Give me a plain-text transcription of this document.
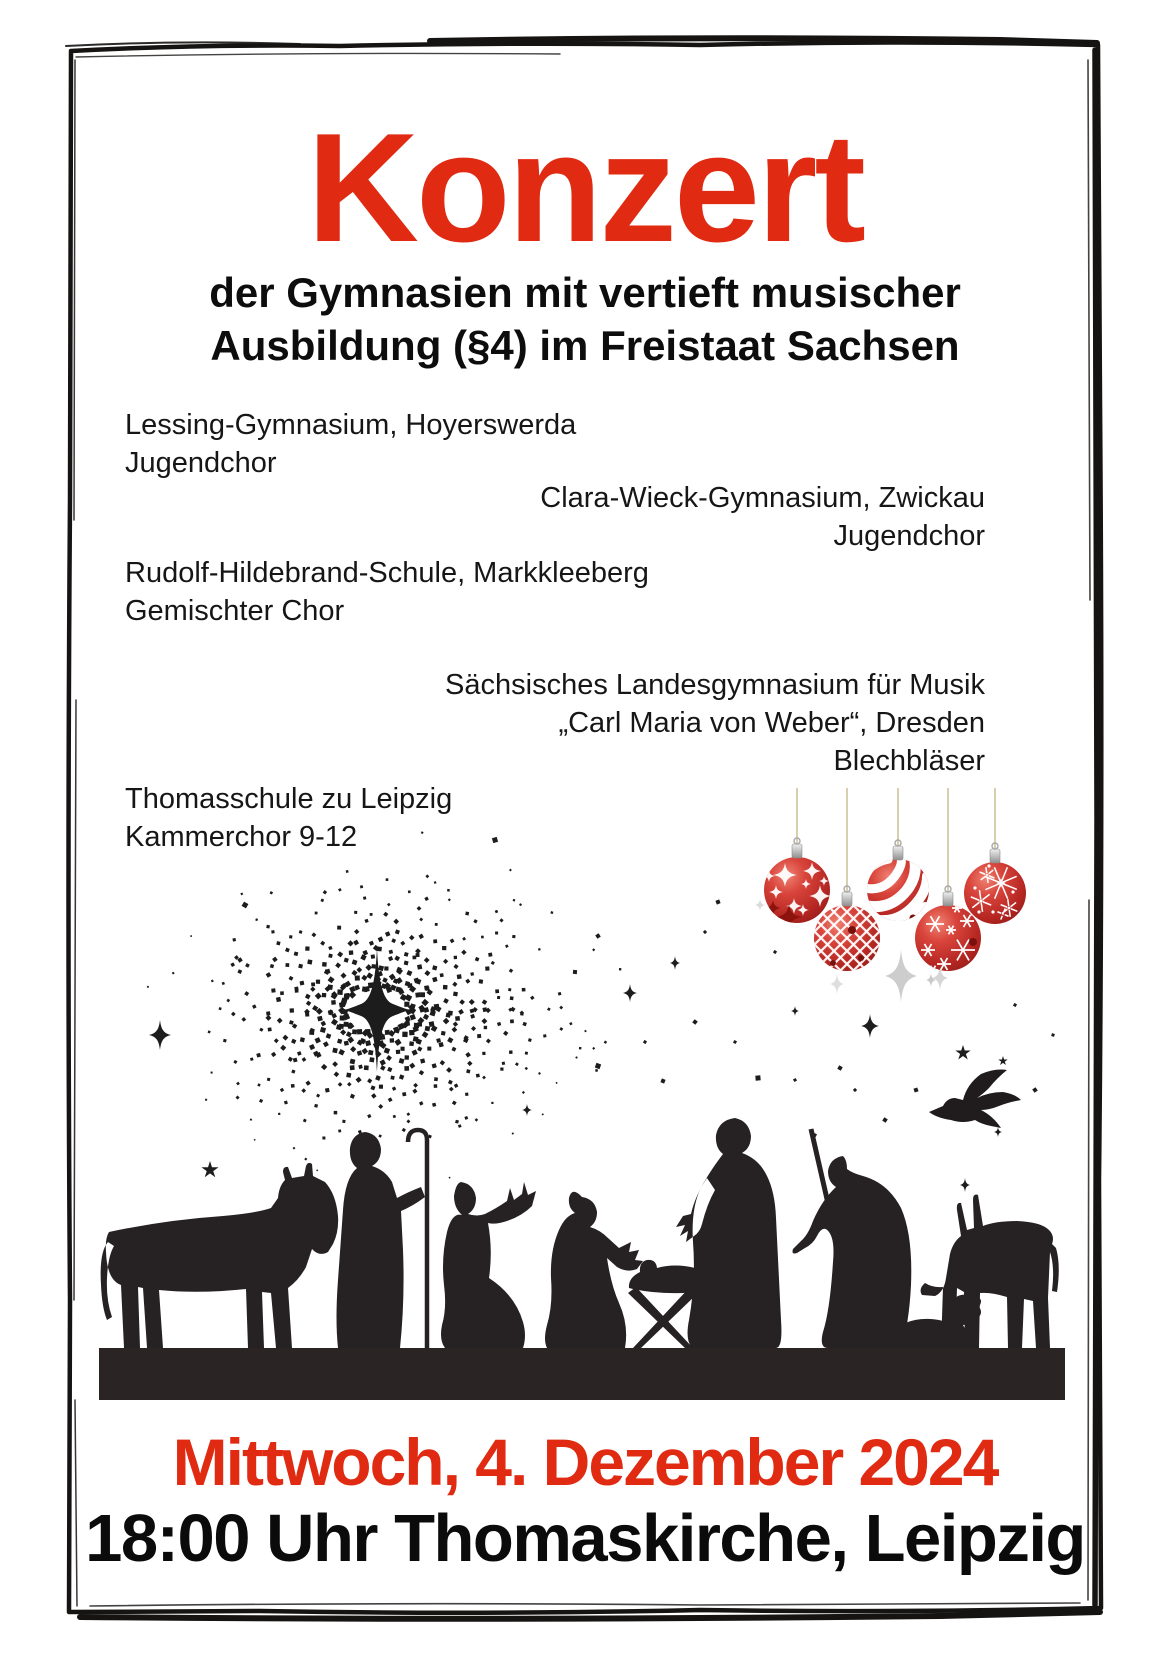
Konzert
der Gymnasien mit vertieft musischer
Ausbildung (§4) im Freistaat Sachsen
Lessing-Gymnasium, Hoyerswerda
Jugendchor
Clara-Wieck-Gymnasium, Zwickau
Jugendchor
Rudolf-Hildebrand-Schule, Markkleeberg
Gemischter Chor
Sächsisches Landesgymnasium für Musik
„Carl Maria von Weber“, Dresden
Blechbläser
Thomasschule zu Leipzig
Kammerchor 9-12
Mittwoch, 4. Dezember 2024
18:00 Uhr Thomaskirche, Leipzig
